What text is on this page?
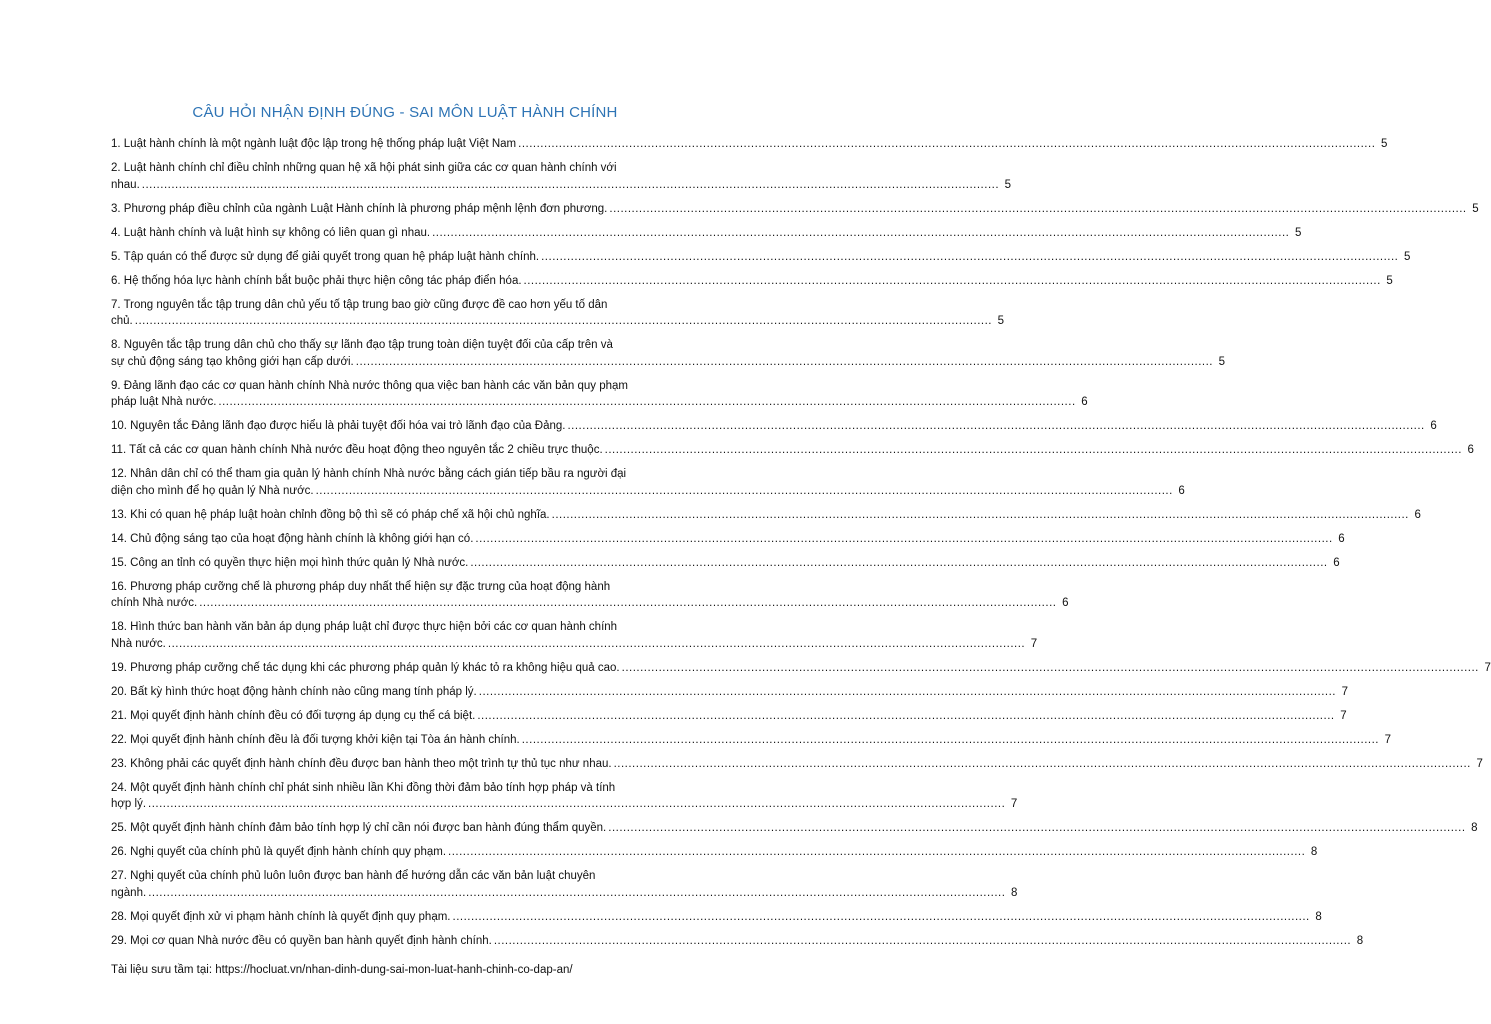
CÂU HỎI NHẬN ĐỊNH ĐÚNG - SAI MÔN LUẬT HÀNH CHÍNH
1. Luật hành chính là một ngành luật độc lập trong hệ thống pháp luật Việt Nam .....	5
2. Luật hành chính chỉ điều chỉnh những quan hệ xã hội phát sinh giữa các cơ quan hành chính với
nhau. .....	5
3. Phương pháp điều chỉnh của ngành Luật Hành chính là phương pháp mệnh lệnh đơn phương. .....	5
4. Luật hành chính và luật hình sự không có liên quan gì nhau. .....	5
5. Tập quán có thể được sử dụng để giải quyết trong quan hệ pháp luật hành chính. .....	5
6. Hệ thống hóa lực hành chính bắt buộc phải thực hiện công tác pháp điển hóa. .....	5
7. Trong nguyên tắc tập trung dân chủ yếu tố tập trung bao giờ cũng được đề cao hơn yếu tố dân
chủ. .....	5
8. Nguyên tắc tập trung dân chủ cho thấy sự lãnh đạo tập trung toàn diện tuyệt đối của cấp trên và
sự chủ động sáng tạo không giới hạn cấp dưới. .....	5
9. Đảng lãnh đạo các cơ quan hành chính Nhà nước thông qua việc ban hành các văn bản quy phạm
pháp luật Nhà nước. .....	6
10. Nguyên tắc Đảng lãnh đạo được hiểu là phải tuyệt đối hóa vai trò lãnh đạo của Đảng. .....	6
11. Tất cả các cơ quan hành chính Nhà nước đều hoạt động theo nguyên tắc 2 chiều trực thuộc. .....	6
12. Nhân dân chỉ có thể tham gia quản lý hành chính Nhà nước bằng cách gián tiếp bầu ra người đại
diện cho mình để họ quản lý Nhà nước. .....	6
13. Khi có quan hệ pháp luật hoàn chỉnh đồng bộ thì sẽ có pháp chế xã hội chủ nghĩa. .....	6
14. Chủ động sáng tạo của hoạt động hành chính là không giới hạn có. .....	6
15. Công an tỉnh có quyền thực hiện mọi hình thức quản lý Nhà nước. .....	6
16. Phương pháp cưỡng chế là phương pháp duy nhất thể hiện sự đặc trưng của hoạt động hành
chính Nhà nước. .....	6
18. Hình thức ban hành văn bản áp dụng pháp luật chỉ được thực hiện bởi các cơ quan hành chính
Nhà nước. .....	7
19. Phương pháp cưỡng chế tác dụng khi các phương pháp quản lý khác tỏ ra không hiệu quả cao. .....	7
20. Bất kỳ hình thức hoạt động hành chính nào cũng mang tính pháp lý. .....	7
21. Mọi quyết định hành chính đều có đối tượng áp dụng cụ thể cá biệt. .....	7
22. Mọi quyết định hành chính đều là đối tượng khởi kiện tại Tòa án hành chính. .....	7
23. Không phải các quyết định hành chính đều được ban hành theo một trình tự thủ tục như nhau. .....	7
24. Một quyết định hành chính chỉ phát sinh nhiều lần Khi đồng thời đảm bảo tính hợp pháp và tính
hợp lý. .....	7
25. Một quyết định hành chính đảm bảo tính hợp lý chỉ cần nói được ban hành đúng thẩm quyền. .....	8
26. Nghị quyết của chính phủ là quyết định hành chính quy phạm. .....	8
27. Nghị quyết của chính phủ luôn luôn được ban hành để hướng dẫn các văn bản luật chuyên
ngành. .....	8
28. Mọi quyết định xử vi phạm hành chính là quyết định quy phạm. .....	8
29. Mọi cơ quan Nhà nước đều có quyền ban hành quyết định hành chính. .....	8
Tài liệu sưu tầm tại: https://hocluat.vn/nhan-dinh-dung-sai-mon-luat-hanh-chinh-co-dap-an/
